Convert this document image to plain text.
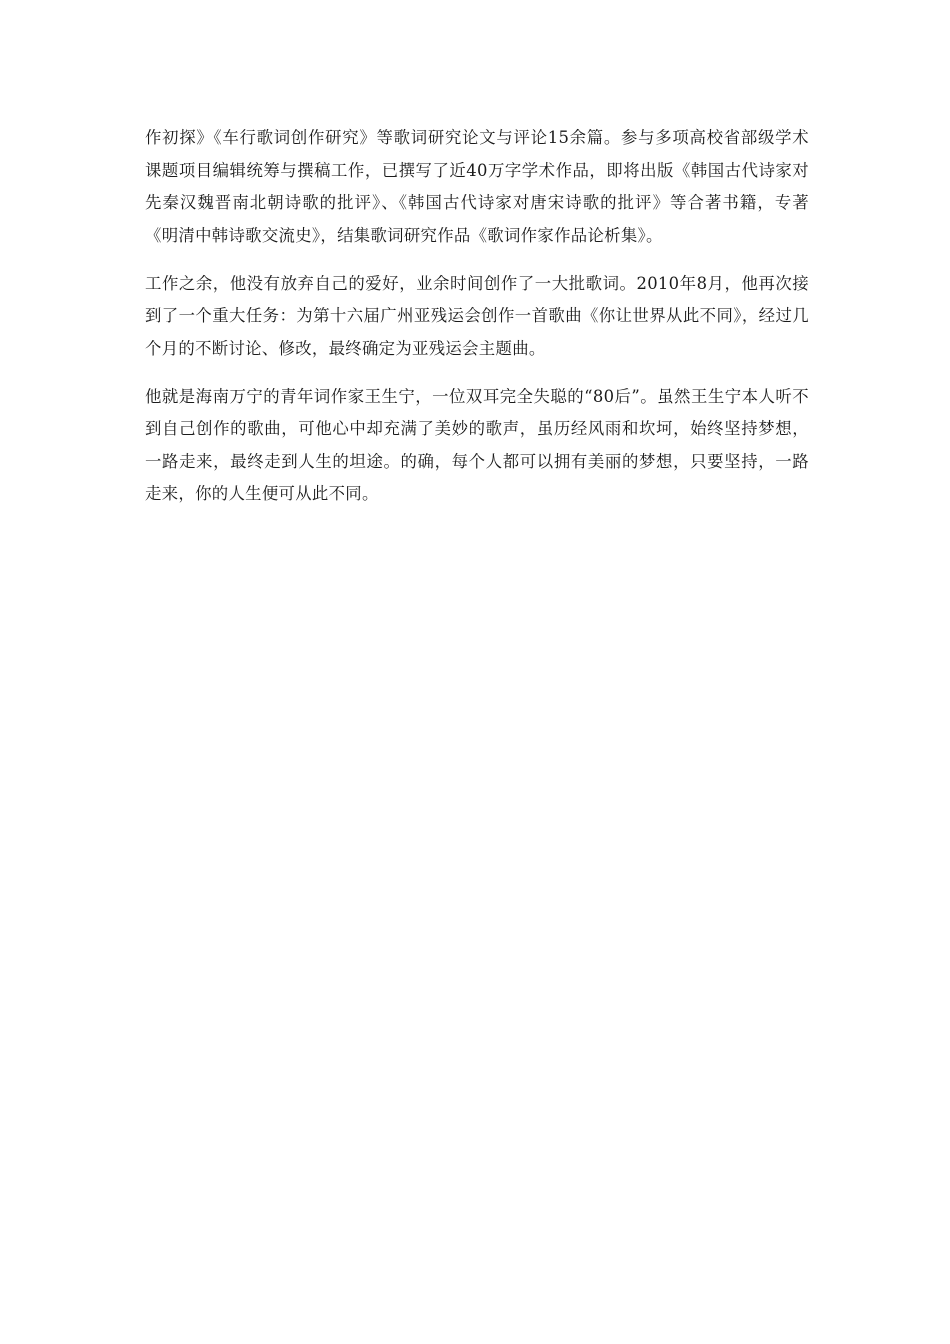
作初探》《车行歌词创作研究》等歌词研究论文与评论15余篇。参与多项高校省部级学术课题项目编辑统筹与撰稿工作，已撰写了近40万字学术作品，即将出版《韩国古代诗家对先秦汉魏晋南北朝诗歌的批评》、《韩国古代诗家对唐宋诗歌的批评》等合著书籍，专著《明清中韩诗歌交流史》，结集歌词研究作品《歌词作家作品论析集》。

工作之余，他没有放弃自己的爱好，业余时间创作了一大批歌词。2010年8月，他再次接到了一个重大任务：为第十六届广州亚残运会创作一首歌曲《你让世界从此不同》，经过几个月的不断讨论、修改，最终确定为亚残运会主题曲。

他就是海南万宁的青年词作家王生宁，一位双耳完全失聪的“80后”。虽然王生宁本人听不到自己创作的歌曲，可他心中却充满了美妙的歌声，虽历经风雨和坎坷，始终坚持梦想，一路走来，最终走到人生的坦途。的确，每个人都可以拥有美丽的梦想，只要坚持，一路走来，你的人生便可从此不同。
